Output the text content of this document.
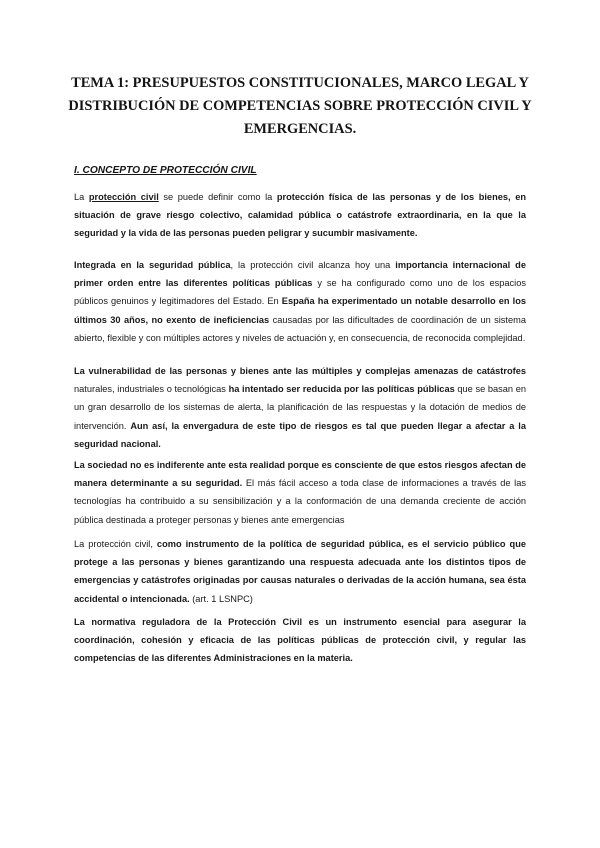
TEMA 1: PRESUPUESTOS CONSTITUCIONALES, MARCO LEGAL Y DISTRIBUCIÓN DE COMPETENCIAS SOBRE PROTECCIÓN CIVIL Y EMERGENCIAS.

I. CONCEPTO DE PROTECCIÓN CIVIL

La protección civil se puede definir como la protección física de las personas y de los bienes, en situación de grave riesgo colectivo, calamidad pública o catástrofe extraordinaria, en la que la seguridad y la vida de las personas pueden peligrar y sucumbir masivamente.

Integrada en la seguridad pública, la protección civil alcanza hoy una importancia internacional de primer orden entre las diferentes políticas públicas y se ha configurado como uno de los espacios públicos genuinos y legitimadores del Estado. En España ha experimentado un notable desarrollo en los últimos 30 años, no exento de ineficiencias causadas por las dificultades de coordinación de un sistema abierto, flexible y con múltiples actores y niveles de actuación y, en consecuencia, de reconocida complejidad.

La vulnerabilidad de las personas y bienes ante las múltiples y complejas amenazas de catástrofes naturales, industriales o tecnológicas ha intentado ser reducida por las políticas públicas que se basan en un gran desarrollo de los sistemas de alerta, la planificación de las respuestas y la dotación de medios de intervención. Aun así, la envergadura de este tipo de riesgos es tal que pueden llegar a afectar a la seguridad nacional.

La sociedad no es indiferente ante esta realidad porque es consciente de que estos riesgos afectan de manera determinante a su seguridad. El más fácil acceso a toda clase de informaciones a través de las tecnologías ha contribuido a su sensibilización y a la conformación de una demanda creciente de acción pública destinada a proteger personas y bienes ante emergencias

La protección civil, como instrumento de la política de seguridad pública, es el servicio público que protege a las personas y bienes garantizando una respuesta adecuada ante los distintos tipos de emergencias y catástrofes originadas por causas naturales o derivadas de la acción humana, sea ésta accidental o intencionada. (art. 1 LSNPC)

La normativa reguladora de la Protección Civil es un instrumento esencial para asegurar la coordinación, cohesión y eficacia de las políticas públicas de protección civil, y regular las competencias de las diferentes Administraciones en la materia.
